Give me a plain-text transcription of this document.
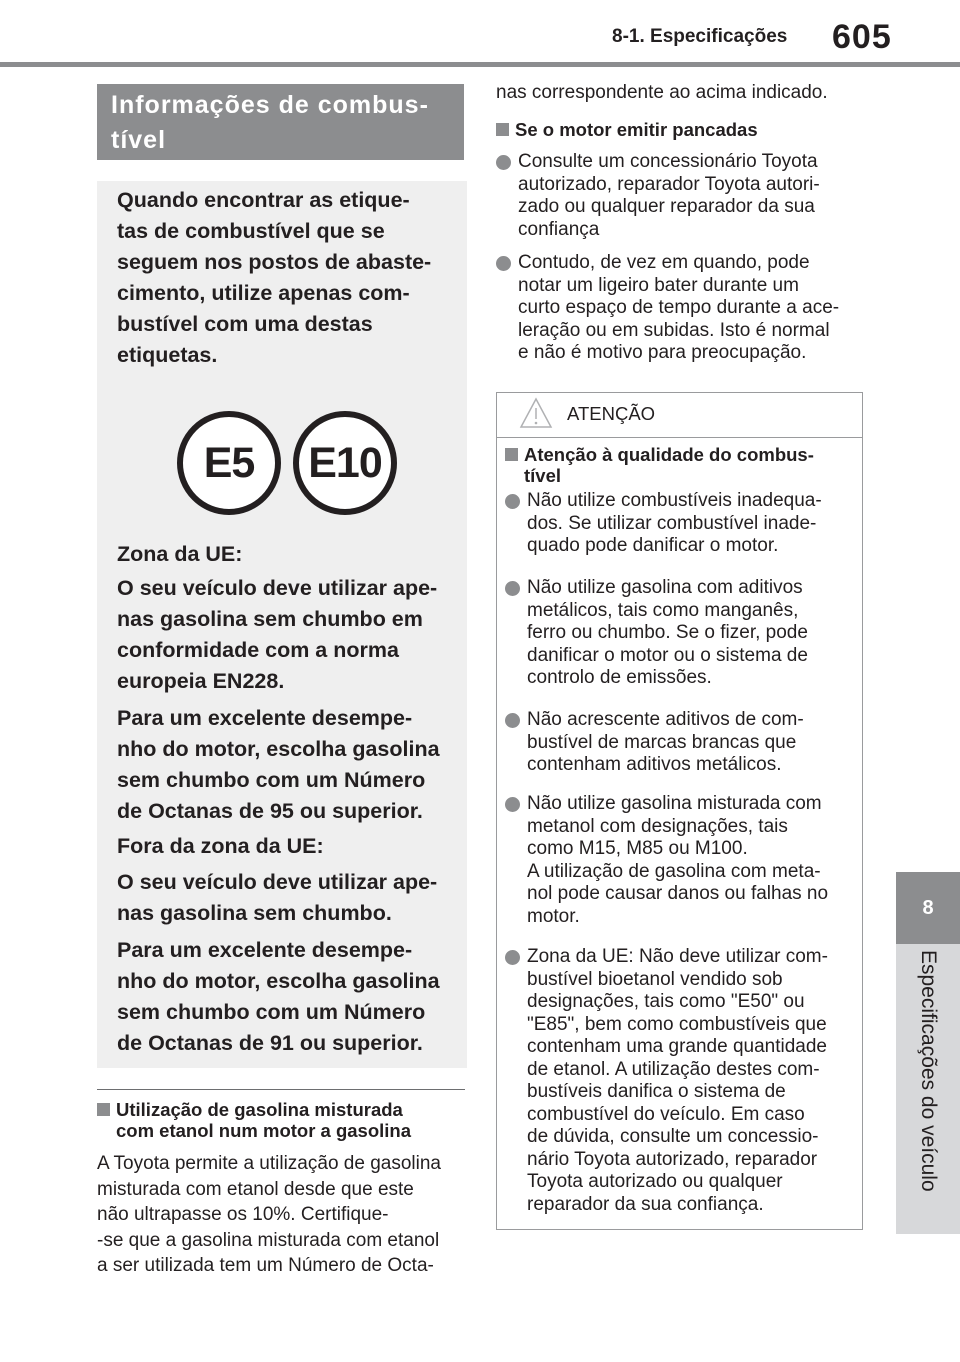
8-1. Especificações 605
8
Especificações do veículo
Informações de combus-
tível

Quando encontrar as etique-

tas de combustível que se

seguem nos postos de abaste-

cimento, utilize apenas com-

bustível com uma destas

etiquetas.

E5	E10
Zona da UE:

O seu veículo deve utilizar ape-

nas gasolina sem chumbo em

conformidade com a norma

europeia EN228.

Para um excelente desempe-

nho do motor, escolha gasolina

sem chumbo com um Número

de Octanas de 95 ou superior.

Fora da zona da UE:

O seu veículo deve utilizar ape-

nas gasolina sem chumbo.

Para um excelente desempe-

nho do motor, escolha gasolina

sem chumbo com um Número

de Octanas de 91 ou superior.

Utilização de gasolina misturada
com etanol num motor a gasolina
A Toyota permite a utilização de gasolina
misturada com etanol desde que este
não ultrapasse os 10%. Certifique-
-se que a gasolina misturada com etanol
a ser utilizada tem um Número de Octa-
nas correspondente ao acima indicado.
Se o motor emitir pancadas
Consulte um concessionário Toyota
autorizado, reparador Toyota autori-
zado ou qualquer reparador da sua
confiança
Contudo, de vez em quando, pode
notar um ligeiro bater durante um
curto espaço de tempo durante a ace-
leração ou em subidas. Isto é normal
e não é motivo para preocupação.
ATENÇÃO
Atenção à qualidade do combus-
tível
Não utilize combustíveis inadequa-
dos. Se utilizar combustível inade-
quado pode danificar o motor.
Não utilize gasolina com aditivos
metálicos, tais como manganês,
ferro ou chumbo. Se o fizer, pode
danificar o motor ou o sistema de
controlo de emissões.
Não acrescente aditivos de com-
bustível de marcas brancas que
contenham aditivos metálicos.
Não utilize gasolina misturada com
metanol com designações, tais
como M15, M85 ou M100.
A utilização de gasolina com meta-
nol pode causar danos ou falhas no
motor.
Zona da UE: Não deve utilizar com-
bustível bioetanol vendido sob
designações, tais como "E50" ou
"E85", bem como combustíveis que
contenham uma grande quantidade
de etanol. A utilização destes com-
bustíveis danifica o sistema de
combustível do veículo. Em caso
de dúvida, consulte um concessio-
nário Toyota autorizado, reparador
Toyota autorizado ou qualquer
reparador da sua confiança.
